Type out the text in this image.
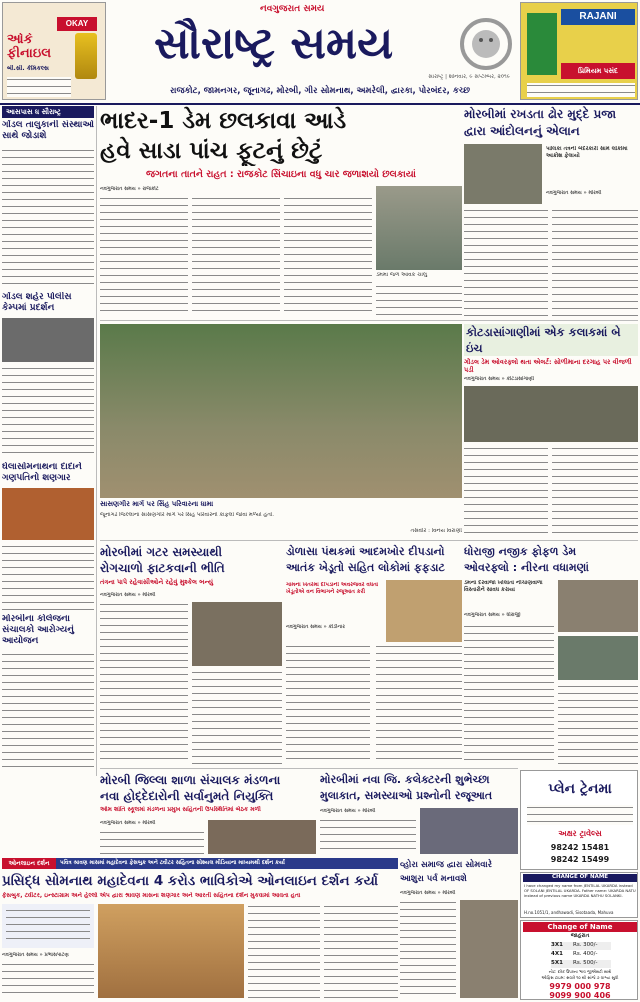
OKAY
ઓકે ફીનાઇલ
બી.સી. કેમિકલ્સ
નવગુજરાત સમય
સૌરાષ્ટ્ર સમય
સૌરાષ્ટ્ર | શનિવાર, ૯ સપ્ટેમ્બર, ૨૦૧૯
રાજકોટ, જામનગર, જૂનાગઢ, મોરબી, ગીર સોમનાથ, અમરેલી, દ્વારકા, પોરબંદર, કચ્છ
RAJANI
પ્રિમિયમ પસંદ
આસપાસ ધ સૌરાષ્ટ્ર
ગોંડલ તાલુકાની સંસ્થાઓ સાથે જોડાશે
ગોંડલ શહેર પોલીસ કેમ્પમાં પ્રદર્શન
ઘેલાસોમનાથના દાદાને ગણપતિનો શણગાર
મોરબીના કોલેજના સંચાલકો આરોગ્યનું આયોજન
ભાદર-1 ડેમ છલકાવા આડે
હવે સાડા પાંચ ફૂટનું છેટું
જગતના તાતને રાહત : રાજકોટ સિંચાઇના વધુ ચાર જળાશયો છલકાયાં
નવગુજરાત સમય » રાજકોટ
ડેમમાં જળ આવક ચાલુ
મોરબીમાં રખડતા ઢોર મુદ્દે પ્રજા દ્વારા આંદોલનનું એલાન
પાલિકા તંત્રની બેદરકારી સામે લોકોમાં આક્રોશ ફેલાયો
નવગુજરાત સમય » મોરબી
સાસણગીર માર્ગ પર સિંહ પરિવારના ધામા
જૂનાગઢ જિલ્લાના સાસણગીર માર્ગ પર સિંહ પરિવારનો કાફલો જોવા મળ્યો હતો.
તસવીર : વિનય વિરાણી
કોટડાસાંગાણીમાં એક કલાકમાં બે ઇંચ
ગોંડલ ડેમ ઓવરફ્લો થતા એલર્ટ: સોળીમાના દરગાહ પર વીજળી પડી
નવગુજરાત સમય » કોટડાસાંગાણી
મોરબીમાં ગટર સમસ્યાથી
રોગચાળો ફાટકવાની ભીતિ
તંત્રના પાપે રહેવાસીઓને રહેવું મુશ્કેલ બન્યું
નવગુજરાત સમય » મોરબી
ડોળાસા પંથકમાં આદમખોર દીપડાનો
આતંક ખેડૂતો સહિત લોકોમાં ફફડાટ
ગામના ખેતરમાં દીપડાની અવરજવર વધતા ખેડૂતોએ વન વિભાગને રજૂઆત કરી
નવગુજરાત સમય » કોડીનાર
ધોરાજી નજીક ફોફળ ડેમ
ઓવરફ્લો : નીરના વધામણાં
ડેમના દરવાજા ખોલાતા નીચાણવાળા વિસ્તારોને સાવધ કરાયા
નવગુજરાત સમય » ધોરાજી
મોરબી જિલ્લા શાળા સંચાલક મંડળના
નવા હોદ્દેદારોની સર્વાનુમતે નિયુક્તિ
ઓમ શાંતિ સ્કૂલમાં મંડળના પ્રમુખ સહિતની ઉપસ્થિતિમાં બેઠક મળી
નવગુજરાત સમય » મોરબી
મોરબીમાં નવા જિ. કલેક્ટરની શુભેચ્છા
મુલાકાત, સમસ્યાઓ પ્રશ્નોની રજૂઆત
નવગુજરાત સમય » મોરબી
પ્લેન ટ્રેનમા
અક્ષર ટ્રાવેલ્સ
98242 15481
98242 15499
CHANGE OF NAME
I have changed my name from JENTILAL UKARDA instead OF SOLANI JENTILAL UKARDA. Father name: UKARDA NATU instead of previous name UKARDA NATHU SOLANKI.
H.no.1051/1, andhawadi, Sisotaada, Mahuva
Change of Name
જાહેરાત
3X1 Rs. 300/-
4X1 Rs. 400/-
5X1 Rs. 500/-
નોટ: દરેક ઉપરના ભાવ જીએસટી સાથે
ઓફિસ ટાઇમ: સવારે ૧૦ થી સાંજે ૭ વાગ્યા સુધી
9979 000 978
9099 900 406
ઓનલાઇન દર્શન	પવિત્ર શ્રાવણ માસમાં મહાદેવના ફેસબુક અને ટ્વીટર સહિતના સોશ્યલ મીડિયાના માધ્યમથી દર્શન કર્યા
પ્રસિદ્ધ સોમનાથ મહાદેવના 4 કરોડ ભાવિકોએ ઓનલાઇન દર્શન કર્યા
ફેસબુક, ટ્વીટર, ઇન્સ્ટાગ્રામ અને હેલ્લો એપ દ્વારા શ્રાવણ માસના શણગાર અને આરતી સહિતના દર્શન મુકવામાં આવતા હતા
નવગુજરાત સમય » પ્રભાસપાટણ
વ્હોરા સમાજ દ્વારા સોમવારે
આશુરા પર્વ મનાવશે
નવગુજરાત સમય » મોરબી
